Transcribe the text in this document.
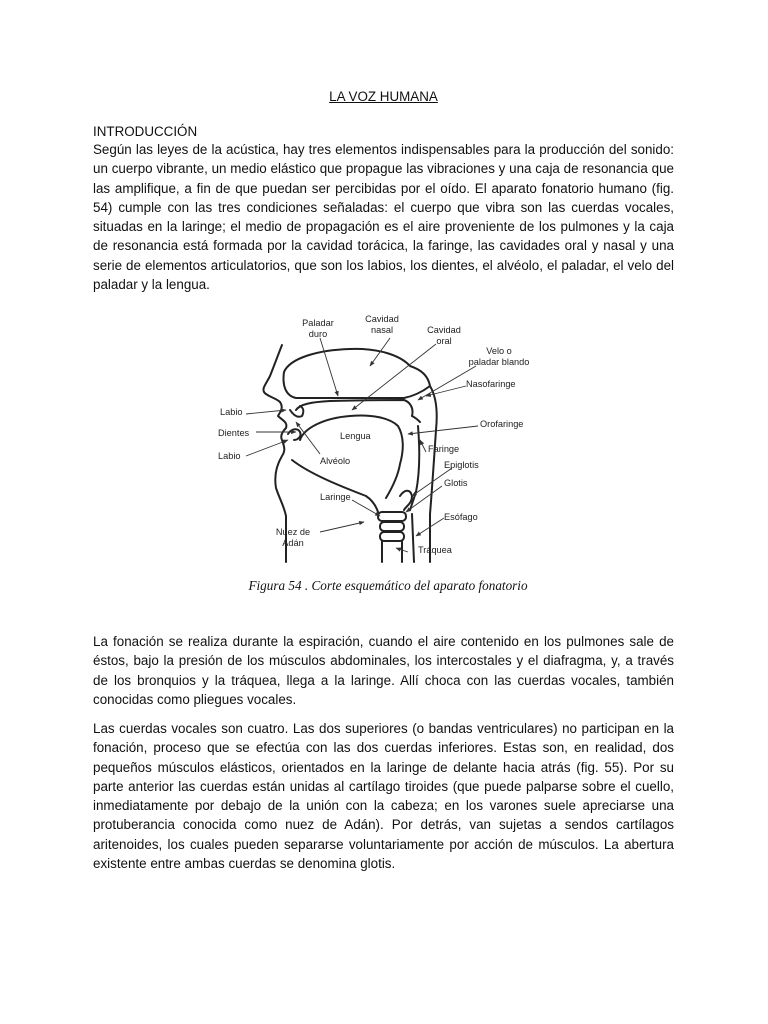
LA VOZ HUMANA
INTRODUCCIÓN

Según las leyes de la acústica, hay tres elementos indispensables para la producción del sonido: un cuerpo vibrante, un medio elástico que propague las vibraciones y una caja de resonancia que las amplifique, a fin de que puedan ser percibidas por el oído. El aparato fonatorio humano (fig. 54) cumple con las tres condiciones señaladas: el cuerpo que vibra son las cuerdas vocales, situadas en la laringe; el medio de propagación es el aire proveniente de los pulmones y la caja de resonancia está formada por la cavidad torácica, la faringe, las cavidades oral y nasal y una serie de elementos articulatorios, que son los labios, los dientes, el alvéolo, el paladar, el velo del paladar y la lengua.

La fonación se realiza durante la espiración, cuando el aire contenido en los pulmones sale de éstos, bajo la presión de los músculos abdominales, los intercostales y el diafragma, y, a través de los bronquios y la tráquea, llega a la laringe. Allí choca con las cuerdas vocales, también conocidas como pliegues vocales.

Las cuerdas vocales son cuatro. Las dos superiores (o bandas ventriculares) no participan en la fonación, proceso que se efectúa con las dos cuerdas inferiores. Estas son, en realidad, dos pequeños músculos elásticos, orientados en la laringe de delante hacia atrás (fig. 55). Por su parte anterior las cuerdas están unidas al cartílago tiroides (que puede palparse sobre el cuello, inmediatamente por debajo de la unión con la cabeza; en los varones suele apreciarse una protuberancia conocida como nuez de Adán). Por detrás, van sujetas a sendos cartílagos aritenoides, los cuales pueden separarse voluntariamente por acción de músculos. La abertura existente entre ambas cuerdas se denomina glotis.

Paladar
duro
Cavidad
nasal	Cavidad
oral
Velo o
paladar blando
Nasofaringe
Orofaringe
Faringe
Epiglotis
Glotis
Esófago
Tráquea
Labio
Dientes
Labio
Lengua
Alvéolo
Laringe
Nuez de
Adán
Figura 54 . Corte esquemático del aparato fonatorio
